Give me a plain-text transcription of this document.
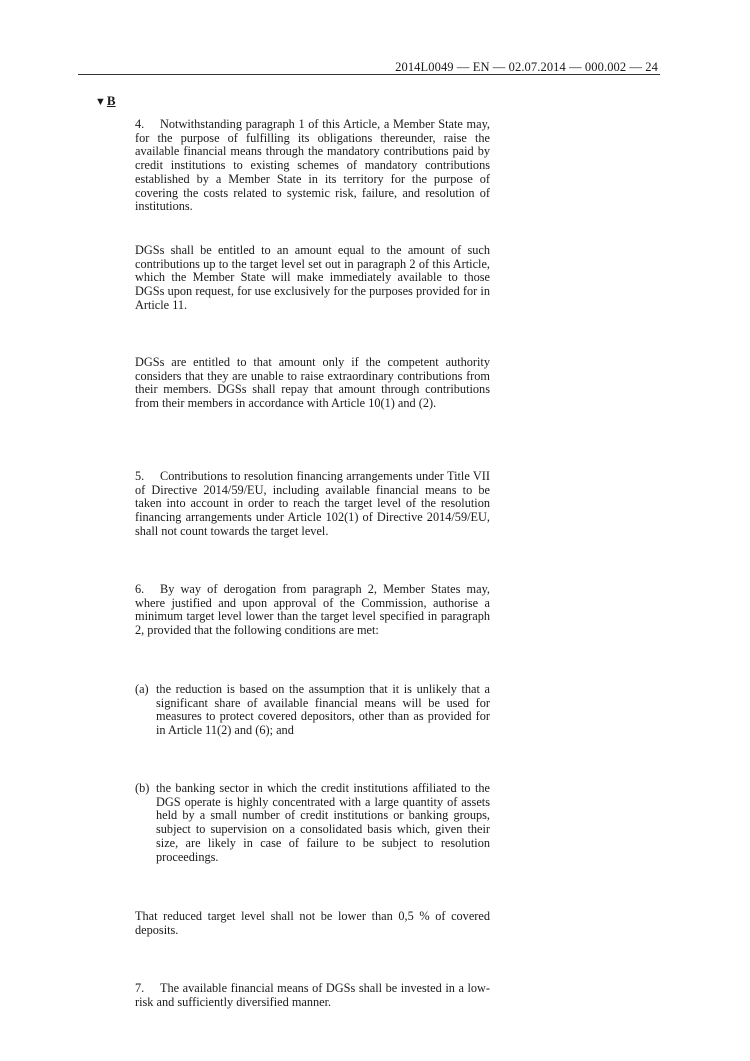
2014L0049 — EN — 02.07.2014 — 000.002 — 24
▼B

4. Notwithstanding paragraph 1 of this Article, a Member State may, for the purpose of fulfilling its obligations thereunder, raise the available financial means through the mandatory contributions paid by credit institutions to existing schemes of mandatory contributions established by a Member State in its territory for the purpose of covering the costs related to systemic risk, failure, and resolution of institutions.

DGSs shall be entitled to an amount equal to the amount of such contributions up to the target level set out in paragraph 2 of this Article, which the Member State will make immediately available to those DGSs upon request, for use exclusively for the purposes provided for in Article 11.

DGSs are entitled to that amount only if the competent authority considers that they are unable to raise extraordinary contributions from their members. DGSs shall repay that amount through contributions from their members in accordance with Article 10(1) and (2).

5. Contributions to resolution financing arrangements under Title VII of Directive 2014/59/EU, including available financial means to be taken into account in order to reach the target level of the resolution financing arrangements under Article 102(1) of Directive 2014/59/EU, shall not count towards the target level.

6. By way of derogation from paragraph 2, Member States may, where justified and upon approval of the Commission, authorise a minimum target level lower than the target level specified in paragraph 2, provided that the following conditions are met:

(a) the reduction is based on the assumption that it is unlikely that a significant share of available financial means will be used for measures to protect covered depositors, other than as provided for in Article 11(2) and (6); and
(b) the banking sector in which the credit institutions affiliated to the DGS operate is highly concentrated with a large quantity of assets held by a small number of credit institutions or banking groups, subject to supervision on a consolidated basis which, given their size, are likely in case of failure to be subject to resolution proceedings.

That reduced target level shall not be lower than 0,5 % of covered deposits.

7. The available financial means of DGSs shall be invested in a low-risk and sufficiently diversified manner.
